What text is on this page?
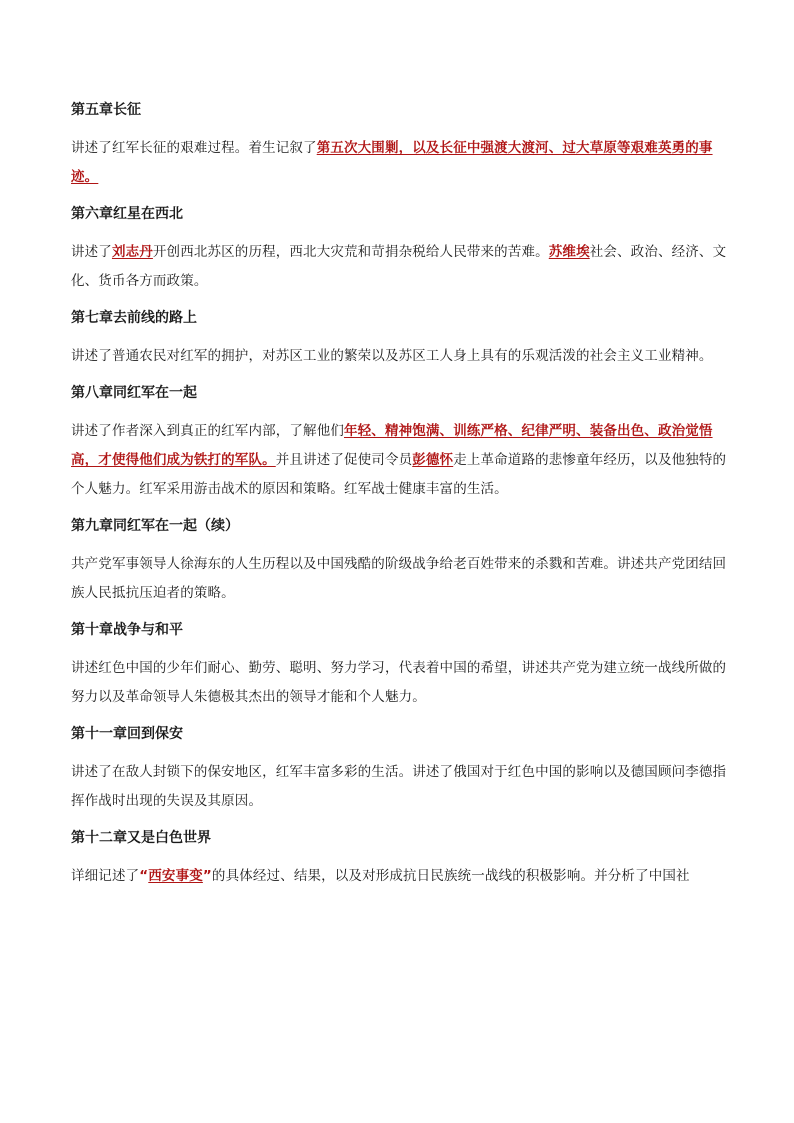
第五章长征

讲述了红军长征的艰难过程。着生记叙了第五次大围剿，以及长征中强渡大渡河、过大草原等艰难英勇的事迹。

第六章红星在西北

讲述了刘志丹开创西北苏区的历程，西北大灾荒和苛捐杂税给人民带来的苦难。苏维埃社会、政治、经济、文化、货币各方而政策。

第七章去前线的路上

讲述了普通农民对红军的拥护，对苏区工业的繁荣以及苏区工人身上具有的乐观活泼的社会主义工业精神。

第八章同红军在一起

讲述了作者深入到真正的红军内部，了解他们年轻、精神饱满、训练严格、纪律严明、装备出色、政治觉悟高，才使得他们成为铁打的军队。并且讲述了促使司令员彭德怀走上革命道路的悲惨童年经历，以及他独特的个人魅力。红军采用游击战术的原因和策略。红军战士健康丰富的生活。

第九章同红军在一起（续）

共产党军事领导人徐海东的人生历程以及中国残酷的阶级战争给老百姓带来的杀戮和苦难。讲述共产党团结回族人民抵抗压迫者的策略。

第十章战争与和平

讲述红色中国的少年们耐心、勤劳、聪明、努力学习，代表着中国的希望，讲述共产党为建立统一战线所做的努力以及革命领导人朱德极其杰出的领导才能和个人魅力。

第十一章回到保安

讲述了在敌人封锁下的保安地区，红军丰富多彩的生活。讲述了俄国对于红色中国的影响以及德国顾问李德指挥作战时出现的失误及其原因。

第十二章又是白色世界

详细记述了“西安事变”的具体经过、结果，以及对形成抗日民族统一战线的积极影响。并分析了中国社
